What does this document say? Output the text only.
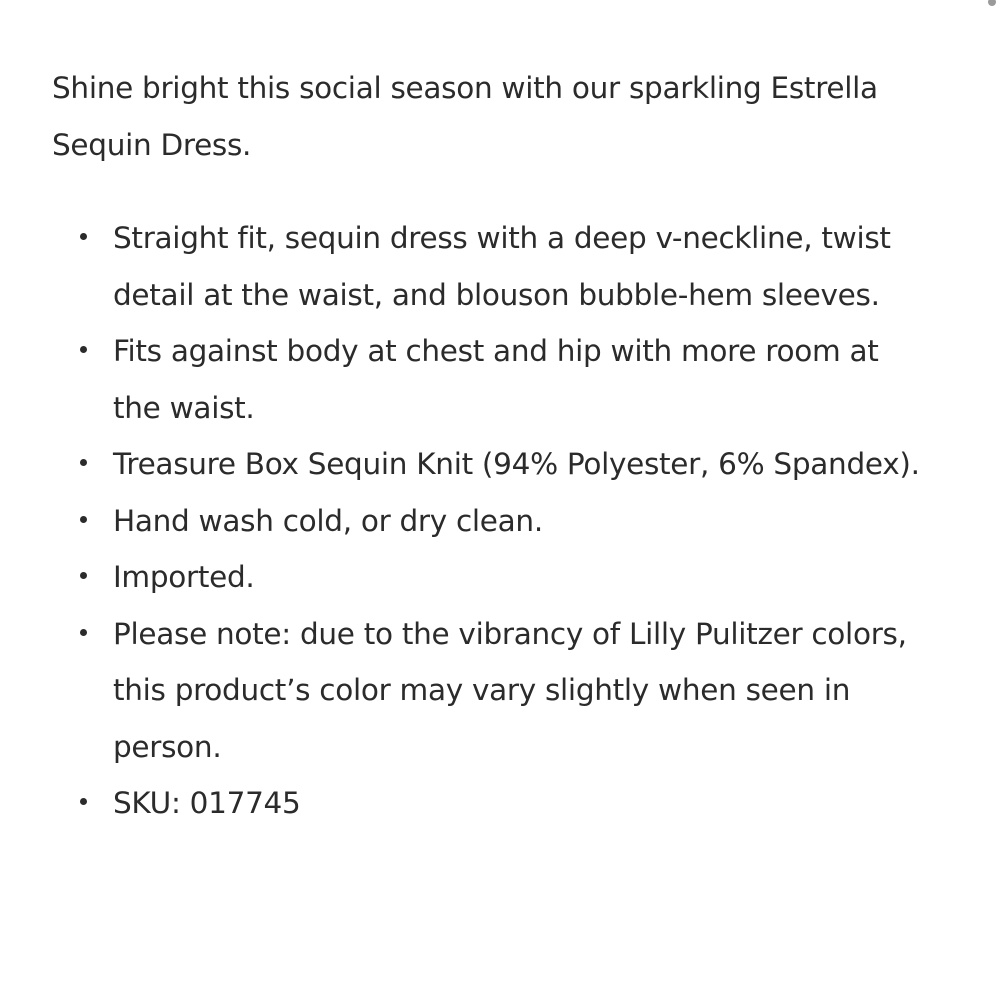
Shine bright this social season with our sparkling Estrella Sequin Dress.

Straight fit, sequin dress with a deep v-neckline, twist detail at the waist, and blouson bubble-hem sleeves.
Fits against body at chest and hip with more room at the waist.
Treasure Box Sequin Knit (94% Polyester, 6% Spandex).
Hand wash cold, or dry clean.
Imported.
Please note: due to the vibrancy of Lilly Pulitzer colors, this product’s color may vary slightly when seen in person.
SKU: 017745
